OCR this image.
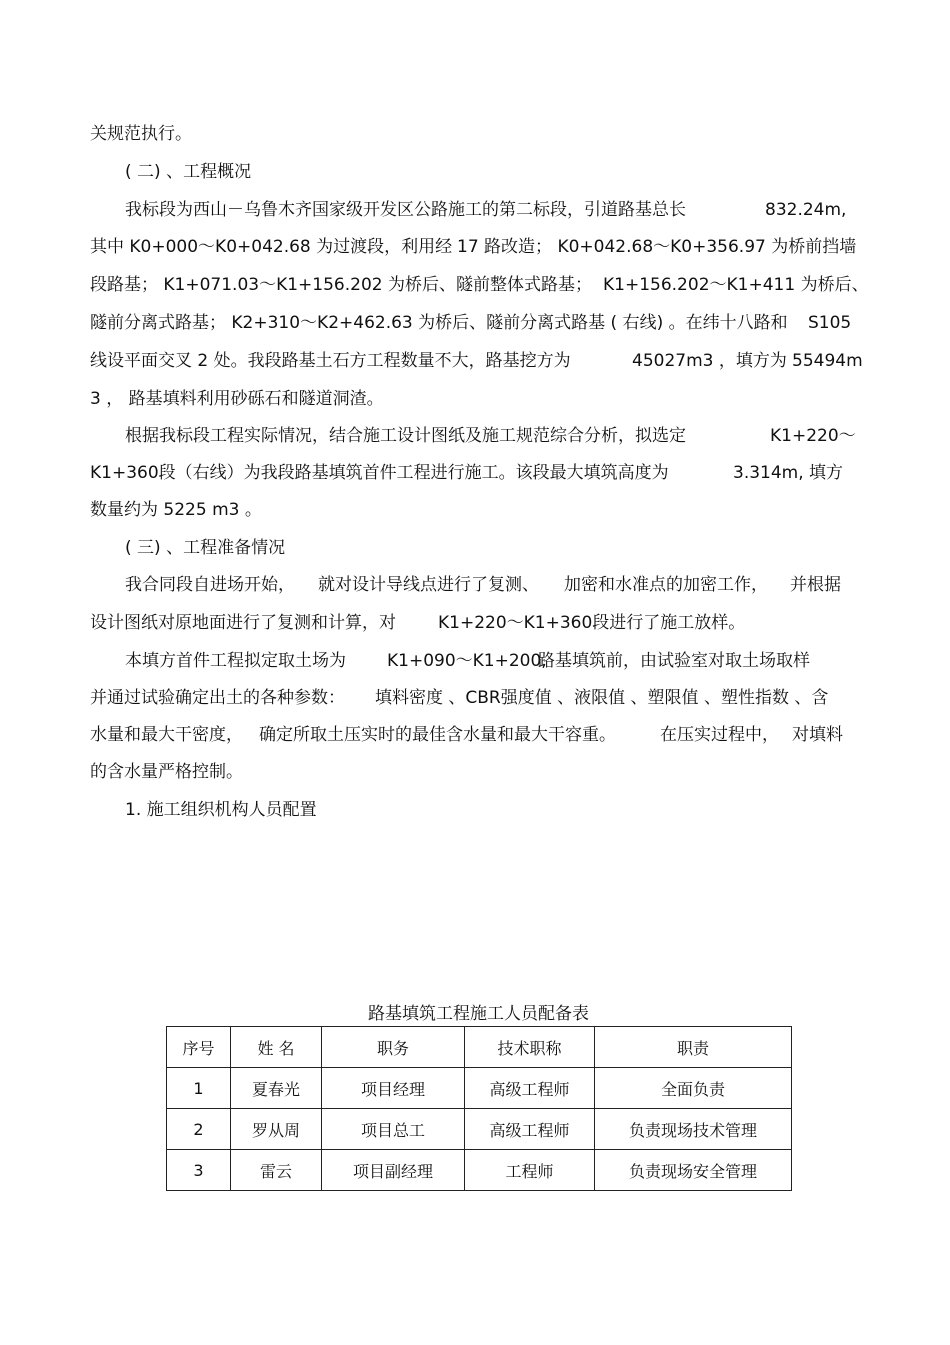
关规范执行。
( 二) 、工程概况
我标段为西山－乌鲁木齐国家级开发区公路施工的第二标段，引道路基总长	832.24m,
其中 K0+000～K0+042.68 为过渡段，利用经 17 路改造； K0+042.68～K0+356.97 为桥前挡墙
段路基； K1+071.03～K1+156.202 为桥后、隧前整体式路基； K1+156.202～K1+411 为桥后、
隧前分离式路基； K2+310～K2+462.63 为桥后、隧前分离式路基 ( 右线) 。在纬十八路和 S105
线设平面交叉 2 处。我段路基土石方工程数量不大，路基挖方为	45027m3 ，填方为 55494m
3 ， 路基填料利用砂砾石和隧道洞渣。
根据我标段工程实际情况，结合施工设计图纸及施工规范综合分析，拟选定	K1+220～
K1+360段（右线）为我段路基填筑首件工程进行施工。该段最大填筑高度为	3.314m, 填方
数量约为 5225 m3 。
( 三) 、工程准备情况
我合同段自进场开始， 就对设计导线点进行了复测、 加密和水准点的加密工作， 并根据
设计图纸对原地面进行了复测和计算，对 K1+220～K1+360段进行了施工放样。
本填方首件工程拟定取土场为 K1+090～K1+200,
路基填筑前，由试验室对取土场取样
并通过试验确定出土的各种参数： 填料密度 、CBR强度值 、液限值 、塑限值 、塑性指数 、含
水量和最大干密度， 确定所取土压实时的最佳含水量和最大干容重。	在压实过程中， 对填料
的含水量严格控制。
1. 施工组织机构人员配置
路基填筑工程施工人员配备表
序号	姓 名	职务	技术职称	职责
1	夏春光	项目经理	高级工程师	全面负责
2	罗从周	项目总工	高级工程师	负责现场技术管理
3	雷云	项目副经理	工程师	负责现场安全管理
